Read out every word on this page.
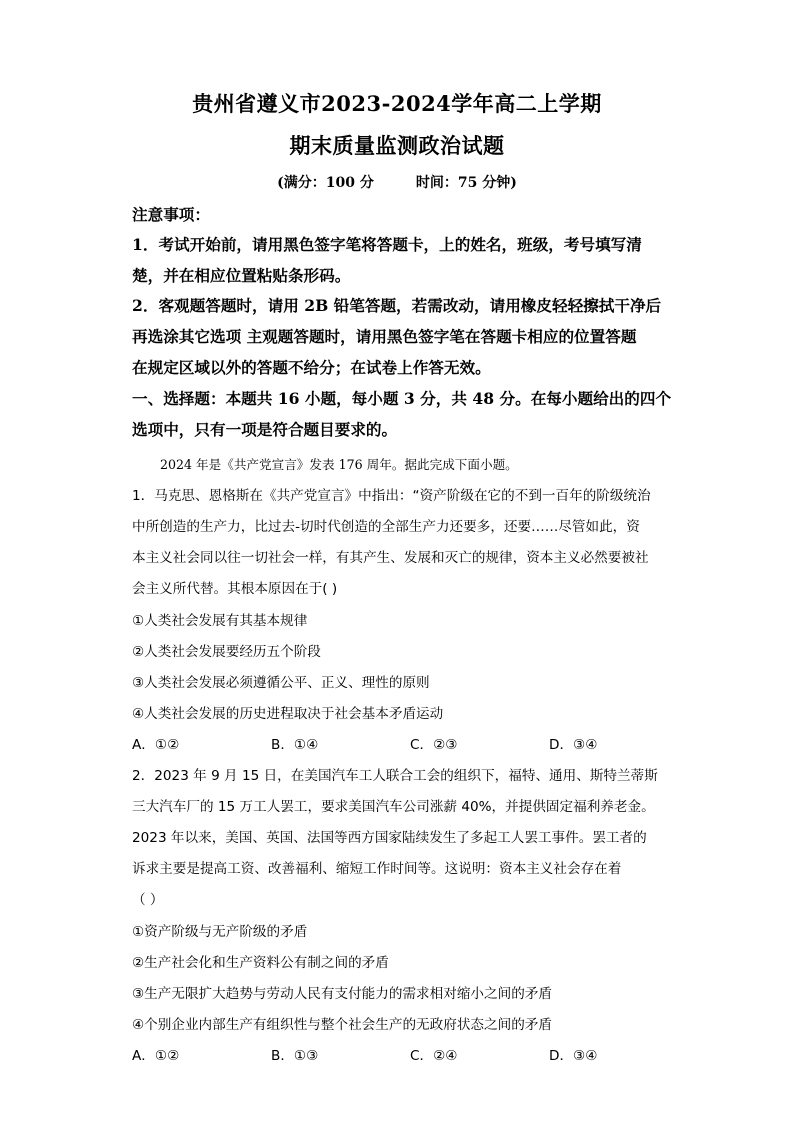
贵州省遵义市2023-2024学年高二上学期
期末质量监测政治试题
(满分：100 分	时间：75 分钟)
注意事项：
1．考试开始前，请用黑色签字笔将答题卡，上的姓名，班级，考号填写清
楚，并在相应位置粘贴条形码。
2．客观题答题时，请用 2B 铅笔答题，若需改动，请用橡皮轻轻擦拭干净后
再选涂其它选项 主观题答题时，请用黑色签字笔在答题卡相应的位置答题
在规定区域以外的答题不给分；在试卷上作答无效。
一、选择题：本题共 16 小题，每小题 3 分，共 48 分。在每小题给出的四个
选项中，只有一项是符合题目要求的。
2024 年是《共产党宣言》发表 176 周年。据此完成下面小题。
1．马克思、恩格斯在《共产党宣言》中指出：“资产阶级在它的不到一百年的阶级统治
中所创造的生产力，比过去-切时代创造的全部生产力还要多，还要……尽管如此，资
本主义社会同以往一切社会一样，有其产生、发展和灭亡的规律，资本主义必然要被社
会主义所代替。其根本原因在于( )
①人类社会发展有其基本规律
②人类社会发展要经历五个阶段
③人类社会发展必须遵循公平、正义、理性的原则
④人类社会发展的历史进程取决于社会基本矛盾运动
A．①②	B．①④	C．②③	D．③④
2．2023 年 9 月 15 日，在美国汽车工人联合工会的组织下，福特、通用、斯特兰蒂斯
三大汽车厂的 15 万工人罢工，要求美国汽车公司涨薪 40%，并提供固定福利养老金。
2023 年以来，美国、英国、法国等西方国家陆续发生了多起工人罢工事件。罢工者的
诉求主要是提高工资、改善福利、缩短工作时间等。这说明：资本主义社会存在着
（ ）
①资产阶级与无产阶级的矛盾
②生产社会化和生产资料公有制之间的矛盾
③生产无限扩大趋势与劳动人民有支付能力的需求相对缩小之间的矛盾
④个别企业内部生产有组织性与整个社会生产的无政府状态之间的矛盾
A．①②	B．①③	C．②④	D．③④
